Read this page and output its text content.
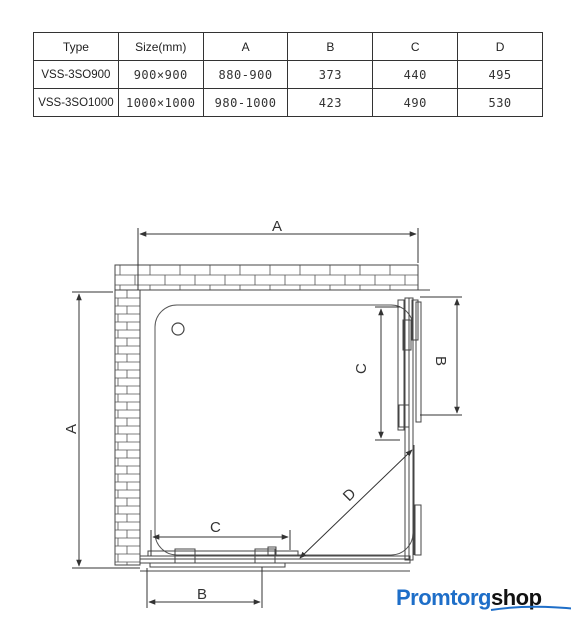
Type	Size(mm)	A	B	C	D
VSS-3SO900	900×900	880-900	373	440	495
VSS-3SO1000	1000×1000	980-1000	423	490	530
D
A
A
B
C
C
B	Promtorgshop
